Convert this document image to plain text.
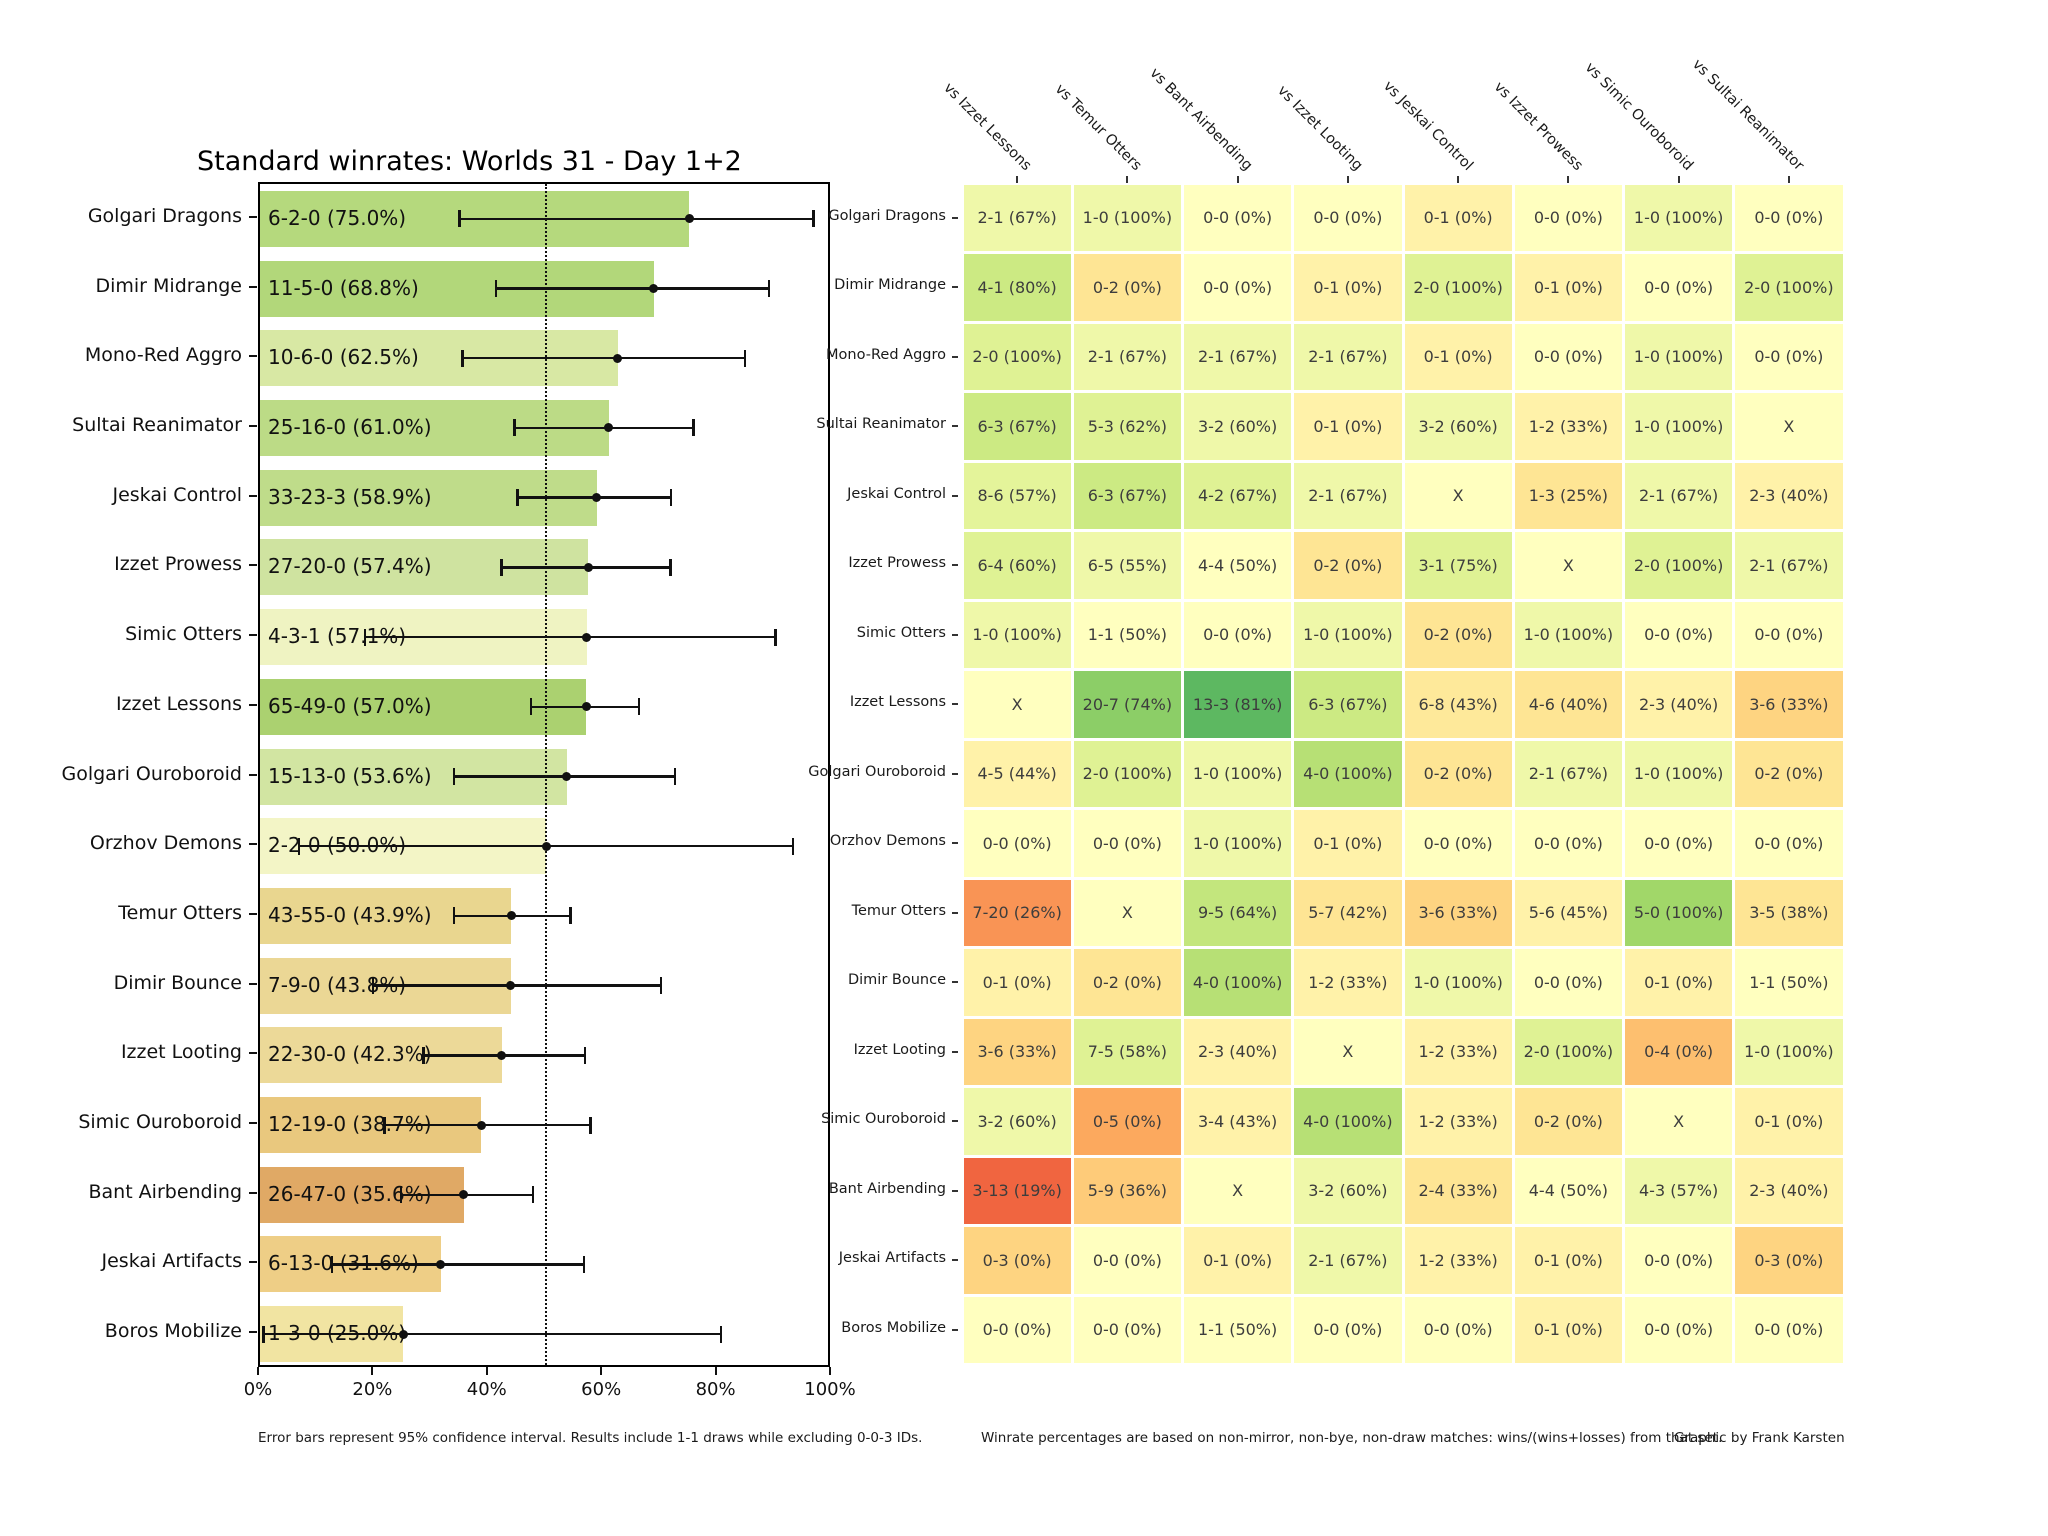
Standard winrates: Worlds 31 - Day 1+2
6-2-0 (75.0%)
11-5-0 (68.8%)
10-6-0 (62.5%)
25-16-0 (61.0%)
33-23-3 (58.9%)
27-20-0 (57.4%)
4-3-1 (57.1%)
65-49-0 (57.0%)
15-13-0 (53.6%)
2-2-0 (50.0%)
43-55-0 (43.9%)
7-9-0 (43.8%)
22-30-0 (42.3%)
12-19-0 (38.7%)
26-47-0 (35.6%)
6-13-0 (31.6%)
1-3-0 (25.0%)
Golgari Dragons
Dimir Midrange
Mono-Red Aggro
Sultai Reanimator
Jeskai Control
Izzet Prowess
Simic Otters
Izzet Lessons
Golgari Ouroboroid
Orzhov Demons
Temur Otters
Dimir Bounce
Izzet Looting
Simic Ouroboroid
Bant Airbending
Jeskai Artifacts
Boros Mobilize
0%	20%	40%	60%	80%	100%
2-1 (67%)	1-0 (100%)	0-0 (0%)	0-0 (0%)	0-1 (0%)	0-0 (0%)	1-0 (100%)	0-0 (0%)
4-1 (80%)	0-2 (0%)	0-0 (0%)	0-1 (0%)	2-0 (100%)	0-1 (0%)	0-0 (0%)	2-0 (100%)
2-0 (100%)	2-1 (67%)	2-1 (67%)	2-1 (67%)	0-1 (0%)	0-0 (0%)	1-0 (100%)	0-0 (0%)
6-3 (67%)	5-3 (62%)	3-2 (60%)	0-1 (0%)	3-2 (60%)	1-2 (33%)	1-0 (100%)	X
8-6 (57%)	6-3 (67%)	4-2 (67%)	2-1 (67%)	X	1-3 (25%)	2-1 (67%)	2-3 (40%)
6-4 (60%)	6-5 (55%)	4-4 (50%)	0-2 (0%)	3-1 (75%)	X	2-0 (100%)	2-1 (67%)
1-0 (100%)	1-1 (50%)	0-0 (0%)	1-0 (100%)	0-2 (0%)	1-0 (100%)	0-0 (0%)	0-0 (0%)
X	20-7 (74%)	13-3 (81%)	6-3 (67%)	6-8 (43%)	4-6 (40%)	2-3 (40%)	3-6 (33%)
4-5 (44%)	2-0 (100%)	1-0 (100%)	4-0 (100%)	0-2 (0%)	2-1 (67%)	1-0 (100%)	0-2 (0%)
0-0 (0%)	0-0 (0%)	1-0 (100%)	0-1 (0%)	0-0 (0%)	0-0 (0%)	0-0 (0%)	0-0 (0%)
7-20 (26%)	X	9-5 (64%)	5-7 (42%)	3-6 (33%)	5-6 (45%)	5-0 (100%)	3-5 (38%)
0-1 (0%)	0-2 (0%)	4-0 (100%)	1-2 (33%)	1-0 (100%)	0-0 (0%)	0-1 (0%)	1-1 (50%)
3-6 (33%)	7-5 (58%)	2-3 (40%)	X	1-2 (33%)	2-0 (100%)	0-4 (0%)	1-0 (100%)
3-2 (60%)	0-5 (0%)	3-4 (43%)	4-0 (100%)	1-2 (33%)	0-2 (0%)	X	0-1 (0%)
3-13 (19%)	5-9 (36%)	X	3-2 (60%)	2-4 (33%)	4-4 (50%)	4-3 (57%)	2-3 (40%)
0-3 (0%)	0-0 (0%)	0-1 (0%)	2-1 (67%)	1-2 (33%)	0-1 (0%)	0-0 (0%)	0-3 (0%)
0-0 (0%)	0-0 (0%)	1-1 (50%)	0-0 (0%)	0-0 (0%)	0-1 (0%)	0-0 (0%)	0-0 (0%)
Golgari Dragons
Dimir Midrange
Mono-Red Aggro
Sultai Reanimator
Jeskai Control
Izzet Prowess
Simic Otters
Izzet Lessons
Golgari Ouroboroid
Orzhov Demons
Temur Otters
Dimir Bounce
Izzet Looting
Simic Ouroboroid
Bant Airbending
Jeskai Artifacts
Boros Mobilize
vs Izzet Lessons vs Temur Otters vs Bant Airbending vs Izzet Looting vs Jeskai Control vs Izzet Prowess
vs Simic Ouroboroid
vs Sultai Reanimator
Error bars represent 95% confidence interval. Results include 1-1 draws while excluding 0-0-3 IDs.	Winrate percentages are based on non-mirror, non-bye, non-draw matches: wins/(wins+losses) from that set.
Graphic by Frank Karsten
